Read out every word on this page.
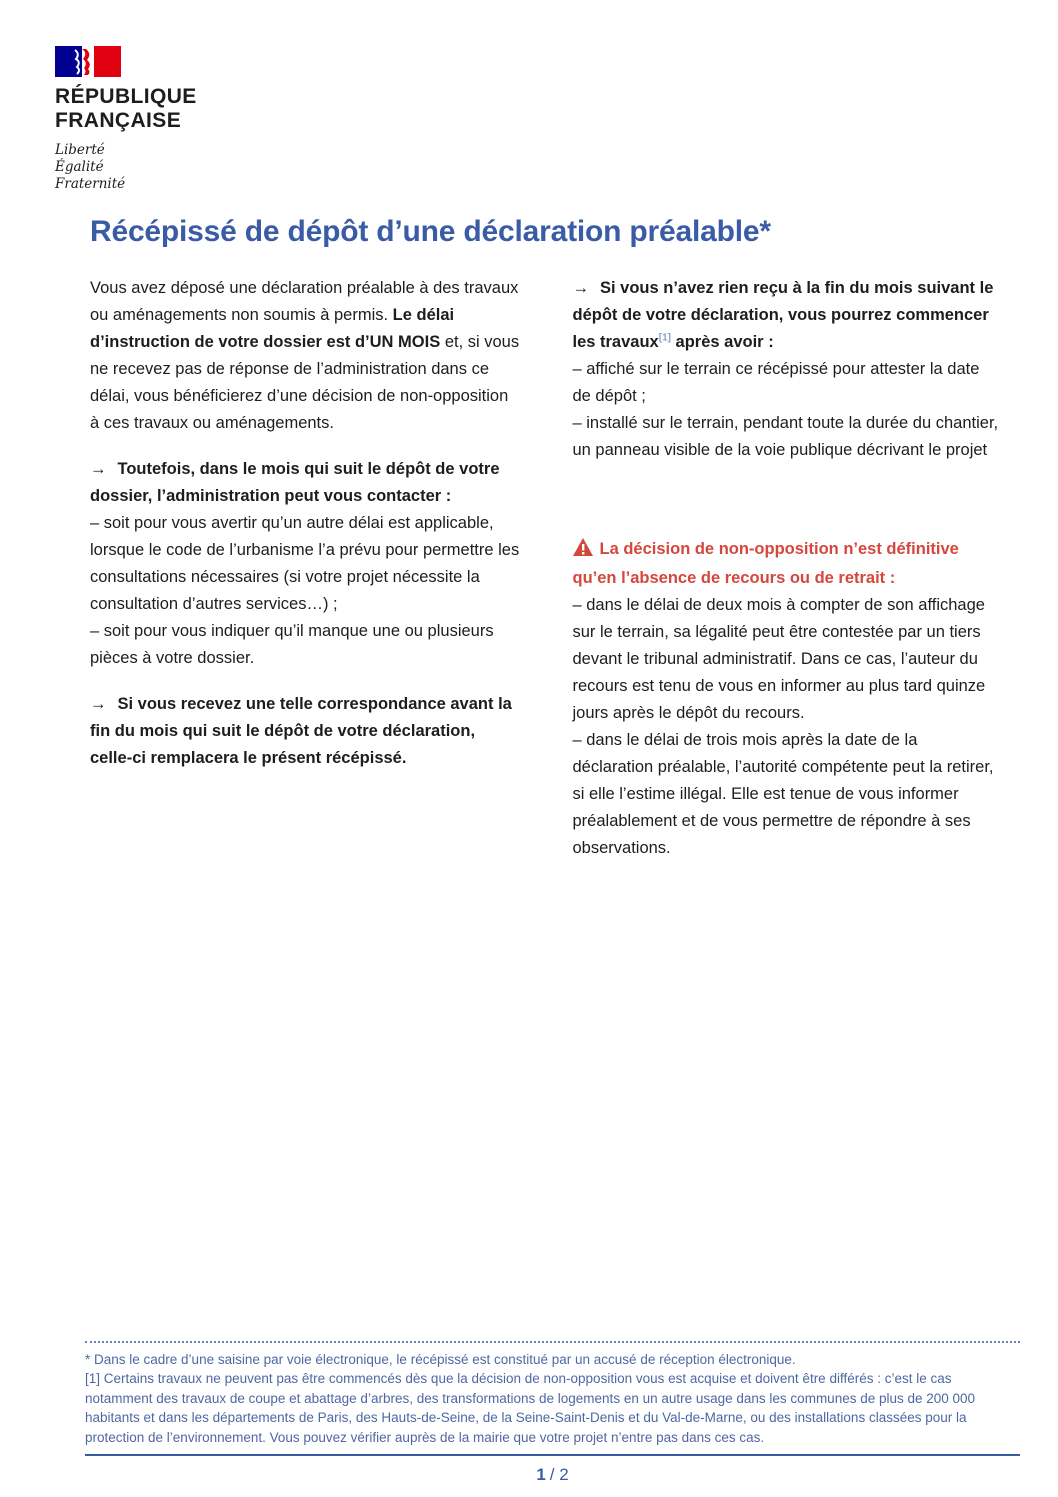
RÉPUBLIQUE
FRANÇAISE
Liberté
Égalité
Fraternité
Récépissé de dépôt d’une déclaration préalable*

Vous avez déposé une déclaration préalable à des travaux ou aménagements non soumis à permis. Le délai d’instruction de votre dossier est d’UN MOIS et, si vous ne recevez pas de réponse de l’administration dans ce délai, vous bénéficierez d’une décision de non-opposition à ces travaux ou aménagements.

→ Toutefois, dans le mois qui suit le dépôt de votre dossier, l’administration peut vous contacter :
– soit pour vous avertir qu’un autre délai est applicable, lorsque le code de l’urbanisme l’a prévu pour permettre les consultations nécessaires (si votre projet nécessite la consultation d’autres services…) ;
– soit pour vous indiquer qu’il manque une ou plusieurs pièces à votre dossier.

→ Si vous recevez une telle correspondance avant la fin du mois qui suit le dépôt de votre déclaration, celle-ci remplacera le présent récépissé.

→ Si vous n’avez rien reçu à la fin du mois suivant le dépôt de votre déclaration, vous pourrez commencer les travaux[1] après avoir :
– affiché sur le terrain ce récépissé pour attester la date de dépôt ;
– installé sur le terrain, pendant toute la durée du chantier, un panneau visible de la voie publique décrivant le projet

La décision de non-opposition n’est définitive qu’en l’absence de recours ou de retrait :
– dans le délai de deux mois à compter de son affichage sur le terrain, sa légalité peut être contestée par un tiers devant le tribunal administratif. Dans ce cas, l’auteur du recours est tenu de vous en informer au plus tard quinze jours après le dépôt du recours.
– dans le délai de trois mois après la date de la déclaration préalable, l’autorité compétente peut la retirer, si elle l’estime illégal. Elle est tenue de vous informer préalablement et de vous permettre de répondre à ses observations.

* Dans le cadre d’une saisine par voie électronique, le récépissé est constitué par un accusé de réception électronique.
[1] Certains travaux ne peuvent pas être commencés dès que la décision de non-opposition vous est acquise et doivent être différés : c’est le cas notamment des travaux de coupe et abattage d’arbres, des transformations de logements en un autre usage dans les communes de plus de 200 000 habitants et dans les départements de Paris, des Hauts-de-Seine, de la Seine-Saint-Denis et du Val-de-Marne, ou des installations classées pour la protection de l’environnement. Vous pouvez vérifier auprès de la mairie que votre projet n’entre pas dans ces cas.
1 / 2
